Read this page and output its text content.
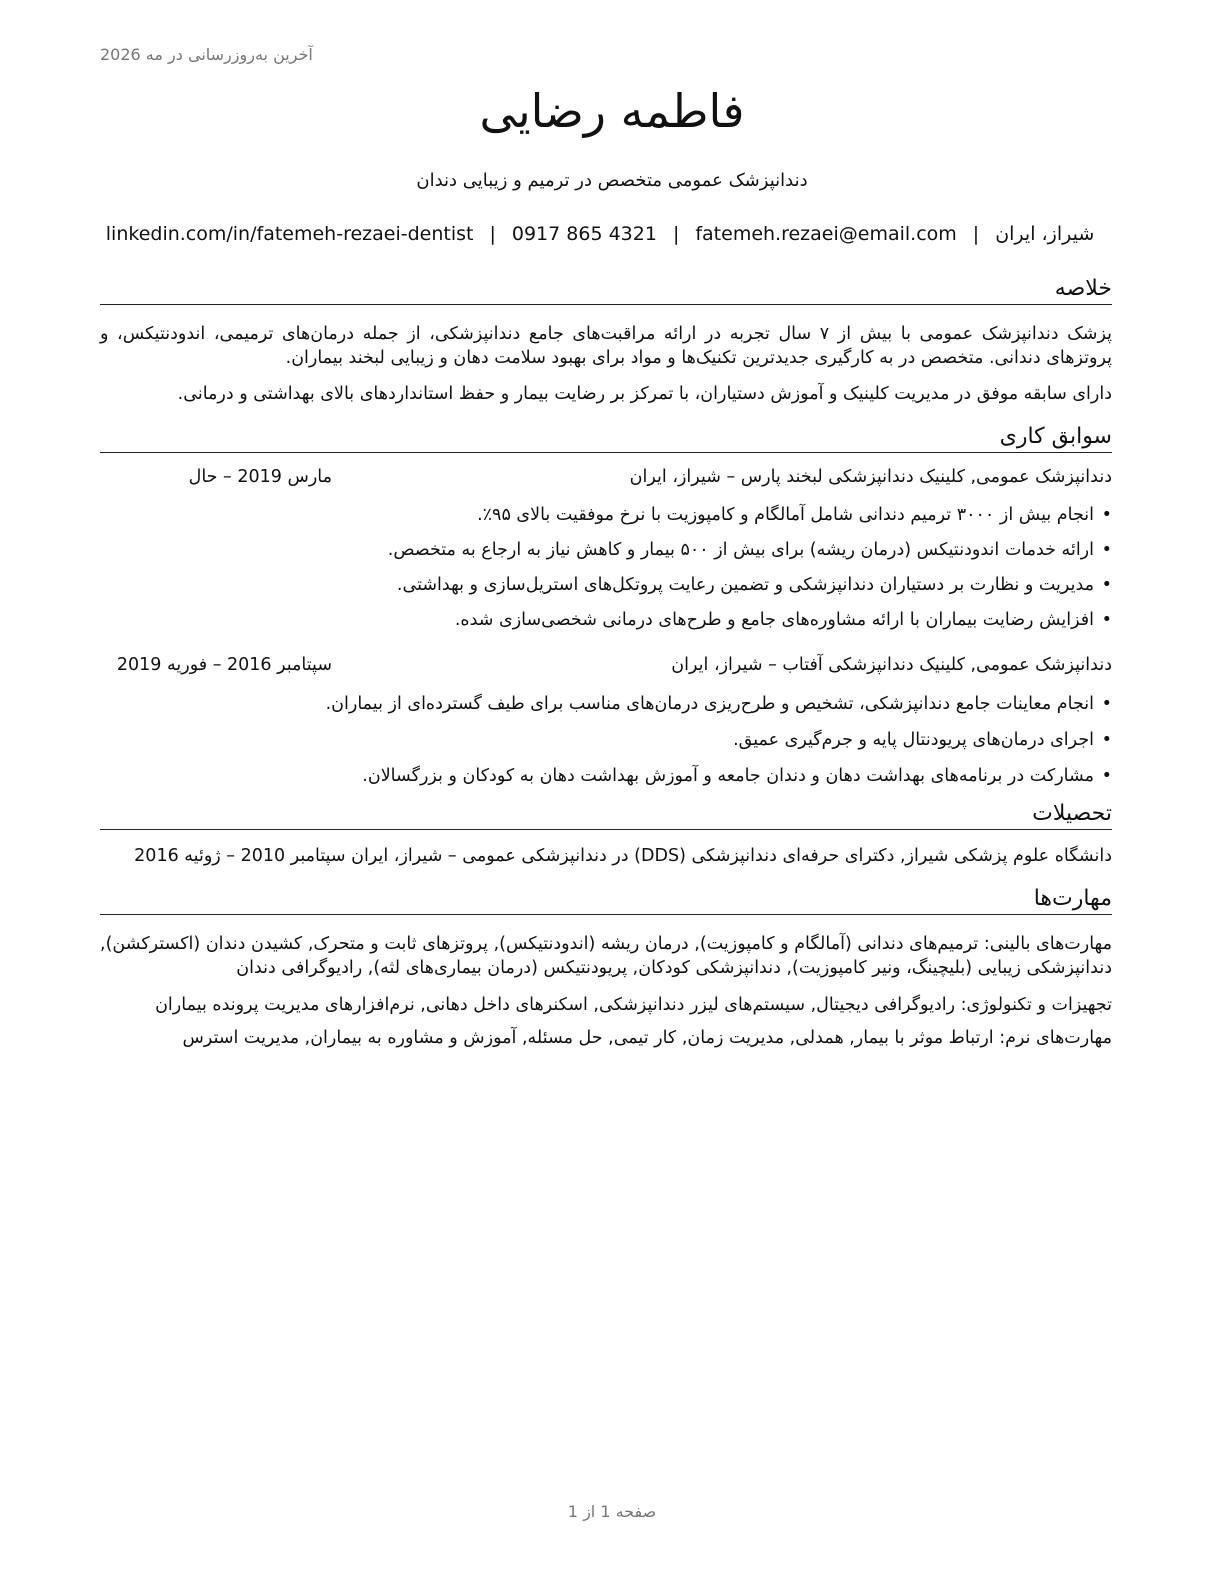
آخرین به‌روزرسانی در مه 2026
فاطمه رضایی
دندانپزشک عمومی متخصص در ترمیم و زیبایی دندان
شیراز، ایران
|
fatemeh.rezaei@email.com
|
0917 865 4321
|
linkedin.com/in/fatemeh-rezaei-dentist
خلاصه

پزشک دندانپزشک عمومی با بیش از ۷ سال تجربه در ارائه مراقبت‌های جامع دندانپزشکی، از جمله درمان‌های ترمیمی، اندودنتیکس، و پروتزهای دندانی. متخصص در به کارگیری جدیدترین تکنیک‌ها و مواد برای بهبود سلامت دهان و زیبایی لبخند بیماران.

دارای سابقه موفق در مدیریت کلینیک و آموزش دستیاران، با تمرکز بر رضایت بیمار و حفظ استانداردهای بالای بهداشتی و درمانی.

سوابق کاری
دندانپزشک عمومی, کلینیک دندانپزشکی لبخند پارس – شیراز، ایران
مارس 2019 – حال
• انجام بیش از ۳۰۰۰ ترمیم دندانی شامل آمالگام و کامپوزیت با نرخ موفقیت بالای ۹۵٪.
• ارائه خدمات اندودنتیکس (درمان ریشه) برای بیش از ۵۰۰ بیمار و کاهش نیاز به ارجاع به متخصص.
• مدیریت و نظارت بر دستیاران دندانپزشکی و تضمین رعایت پروتکل‌های استریل‌سازی و بهداشتی.
• افزایش رضایت بیماران با ارائه مشاوره‌های جامع و طرح‌های درمانی شخصی‌سازی شده.
دندانپزشک عمومی, کلینیک دندانپزشکی آفتاب – شیراز، ایران
سپتامبر 2016 – فوریه 2019
• انجام معاینات جامع دندانپزشکی، تشخیص و طرح‌ریزی درمان‌های مناسب برای طیف گسترده‌ای از بیماران.
• اجرای درمان‌های پریودنتال پایه و جرم‌گیری عمیق.
• مشارکت در برنامه‌های بهداشت دهان و دندان جامعه و آموزش بهداشت دهان به کودکان و بزرگسالان.
تحصیلات
دانشگاه علوم پزشکی شیراز, دکترای حرفه‌ای دندانپزشکی (DDS) در دندانپزشکی عمومی – شیراز، ایران سپتامبر 2010 – ژوئیه 2016
مهارت‌ها

مهارت‌های بالینی: ترمیم‌های دندانی (آمالگام و کامپوزیت), درمان ریشه (اندودنتیکس), پروتزهای ثابت و متحرک, کشیدن دندان (اکسترکشن), دندانپزشکی زیبایی (بلیچینگ، ونیر کامپوزیت), دندانپزشکی کودکان, پریودنتیکس (درمان بیماری‌های لثه), رادیوگرافی دندان

تجهیزات و تکنولوژی: رادیوگرافی دیجیتال, سیستم‌های لیزر دندانپزشکی, اسکنرهای داخل دهانی, نرم‌افزارهای مدیریت پرونده بیماران

مهارت‌های نرم: ارتباط موثر با بیمار, همدلی, مدیریت زمان, کار تیمی, حل مسئله, آموزش و مشاوره به بیماران, مدیریت استرس

صفحه 1 از 1
